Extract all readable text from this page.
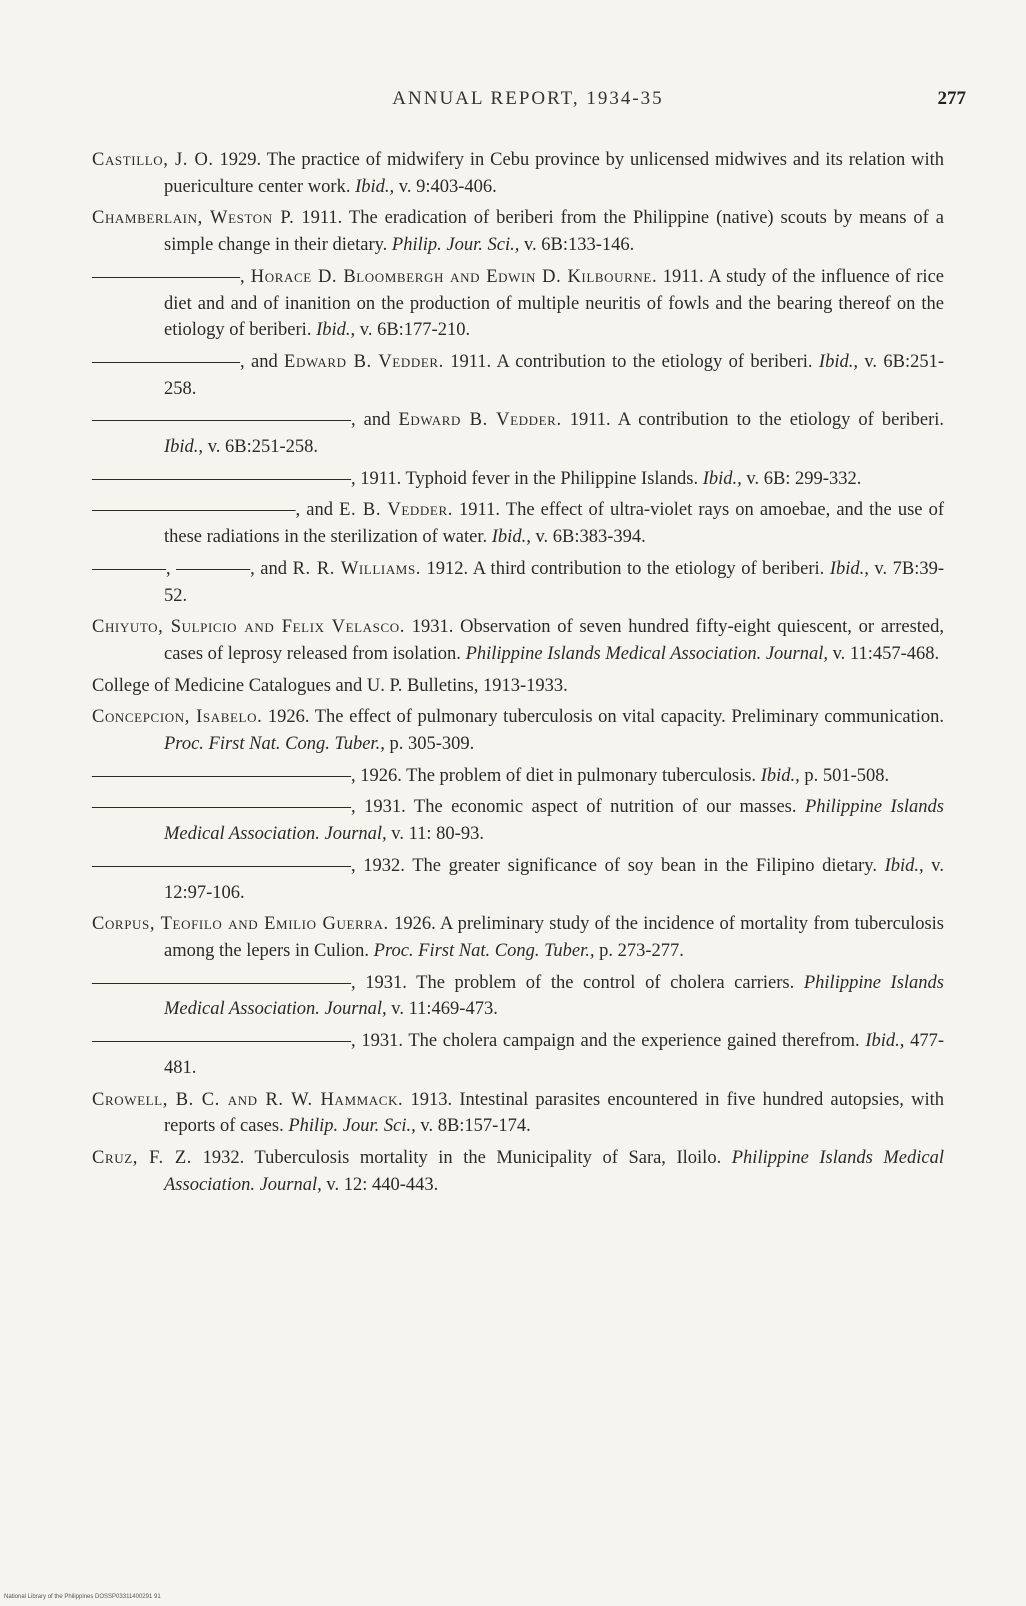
ANNUAL REPORT, 1934-35	277
Castillo, J. O. 1929. The practice of midwifery in Cebu province by unlicensed midwives and its relation with puericulture center work. Ibid., v. 9:403-406.
Chamberlain, Weston P. 1911. The eradication of beriberi from the Philippine (native) scouts by means of a simple change in their dietary. Philip. Jour. Sci., v. 6B:133-146.
————————, Horace D. Bloombergh and Edwin D. Kilbourne. 1911. A study of the influence of rice diet and and of inanition on the production of multiple neuritis of fowls and the bearing thereof on the etiology of beriberi. Ibid., v. 6B:177-210.
————————, and Edward B. Vedder. 1911. A contribution to the etiology of beriberi. Ibid., v. 6B:251-258.
——————————————, and Edward B. Vedder. 1911. A contribution to the etiology of beriberi. Ibid., v. 6B:251-258.
——————————————, 1911. Typhoid fever in the Philippine Islands. Ibid., v. 6B: 299-332.
———————————, and E. B. Vedder. 1911. The effect of ultra-violet rays on amoebae, and the use of these radiations in the sterilization of water. Ibid., v. 6B:383-394.
————, ————, and R. R. Williams. 1912. A third contribution to the etiology of beriberi. Ibid., v. 7B:39-52.
Chiyuto, Sulpicio and Felix Velasco. 1931. Observation of seven hundred fifty-eight quiescent, or arrested, cases of leprosy released from isolation. Philippine Islands Medical Association. Journal, v. 11:457-468.
College of Medicine Catalogues and U. P. Bulletins, 1913-1933.
Concepcion, Isabelo. 1926. The effect of pulmonary tuberculosis on vital capacity. Preliminary communication. Proc. First Nat. Cong. Tuber., p. 305-309.
——————————————, 1926. The problem of diet in pulmonary tuberculosis. Ibid., p. 501-508.
——————————————, 1931. The economic aspect of nutrition of our masses. Philippine Islands Medical Association. Journal, v. 11: 80-93.
——————————————, 1932. The greater significance of soy bean in the Filipino dietary. Ibid., v. 12:97-106.
Corpus, Teofilo and Emilio Guerra. 1926. A preliminary study of the incidence of mortality from tuberculosis among the lepers in Culion. Proc. First Nat. Cong. Tuber., p. 273-277.
——————————————, 1931. The problem of the control of cholera carriers. Philippine Islands Medical Association. Journal, v. 11:469-473.
——————————————, 1931. The cholera campaign and the experience gained therefrom. Ibid., 477-481.
Crowell, B. C. and R. W. Hammack. 1913. Intestinal parasites encountered in five hundred autopsies, with reports of cases. Philip. Jour. Sci., v. 8B:157-174.
Cruz, F. Z. 1932. Tuberculosis mortality in the Municipality of Sara, Iloilo. Philippine Islands Medical Association. Journal, v. 12: 440-443.
National Library of the Philippines DOSSP03311400291 91
